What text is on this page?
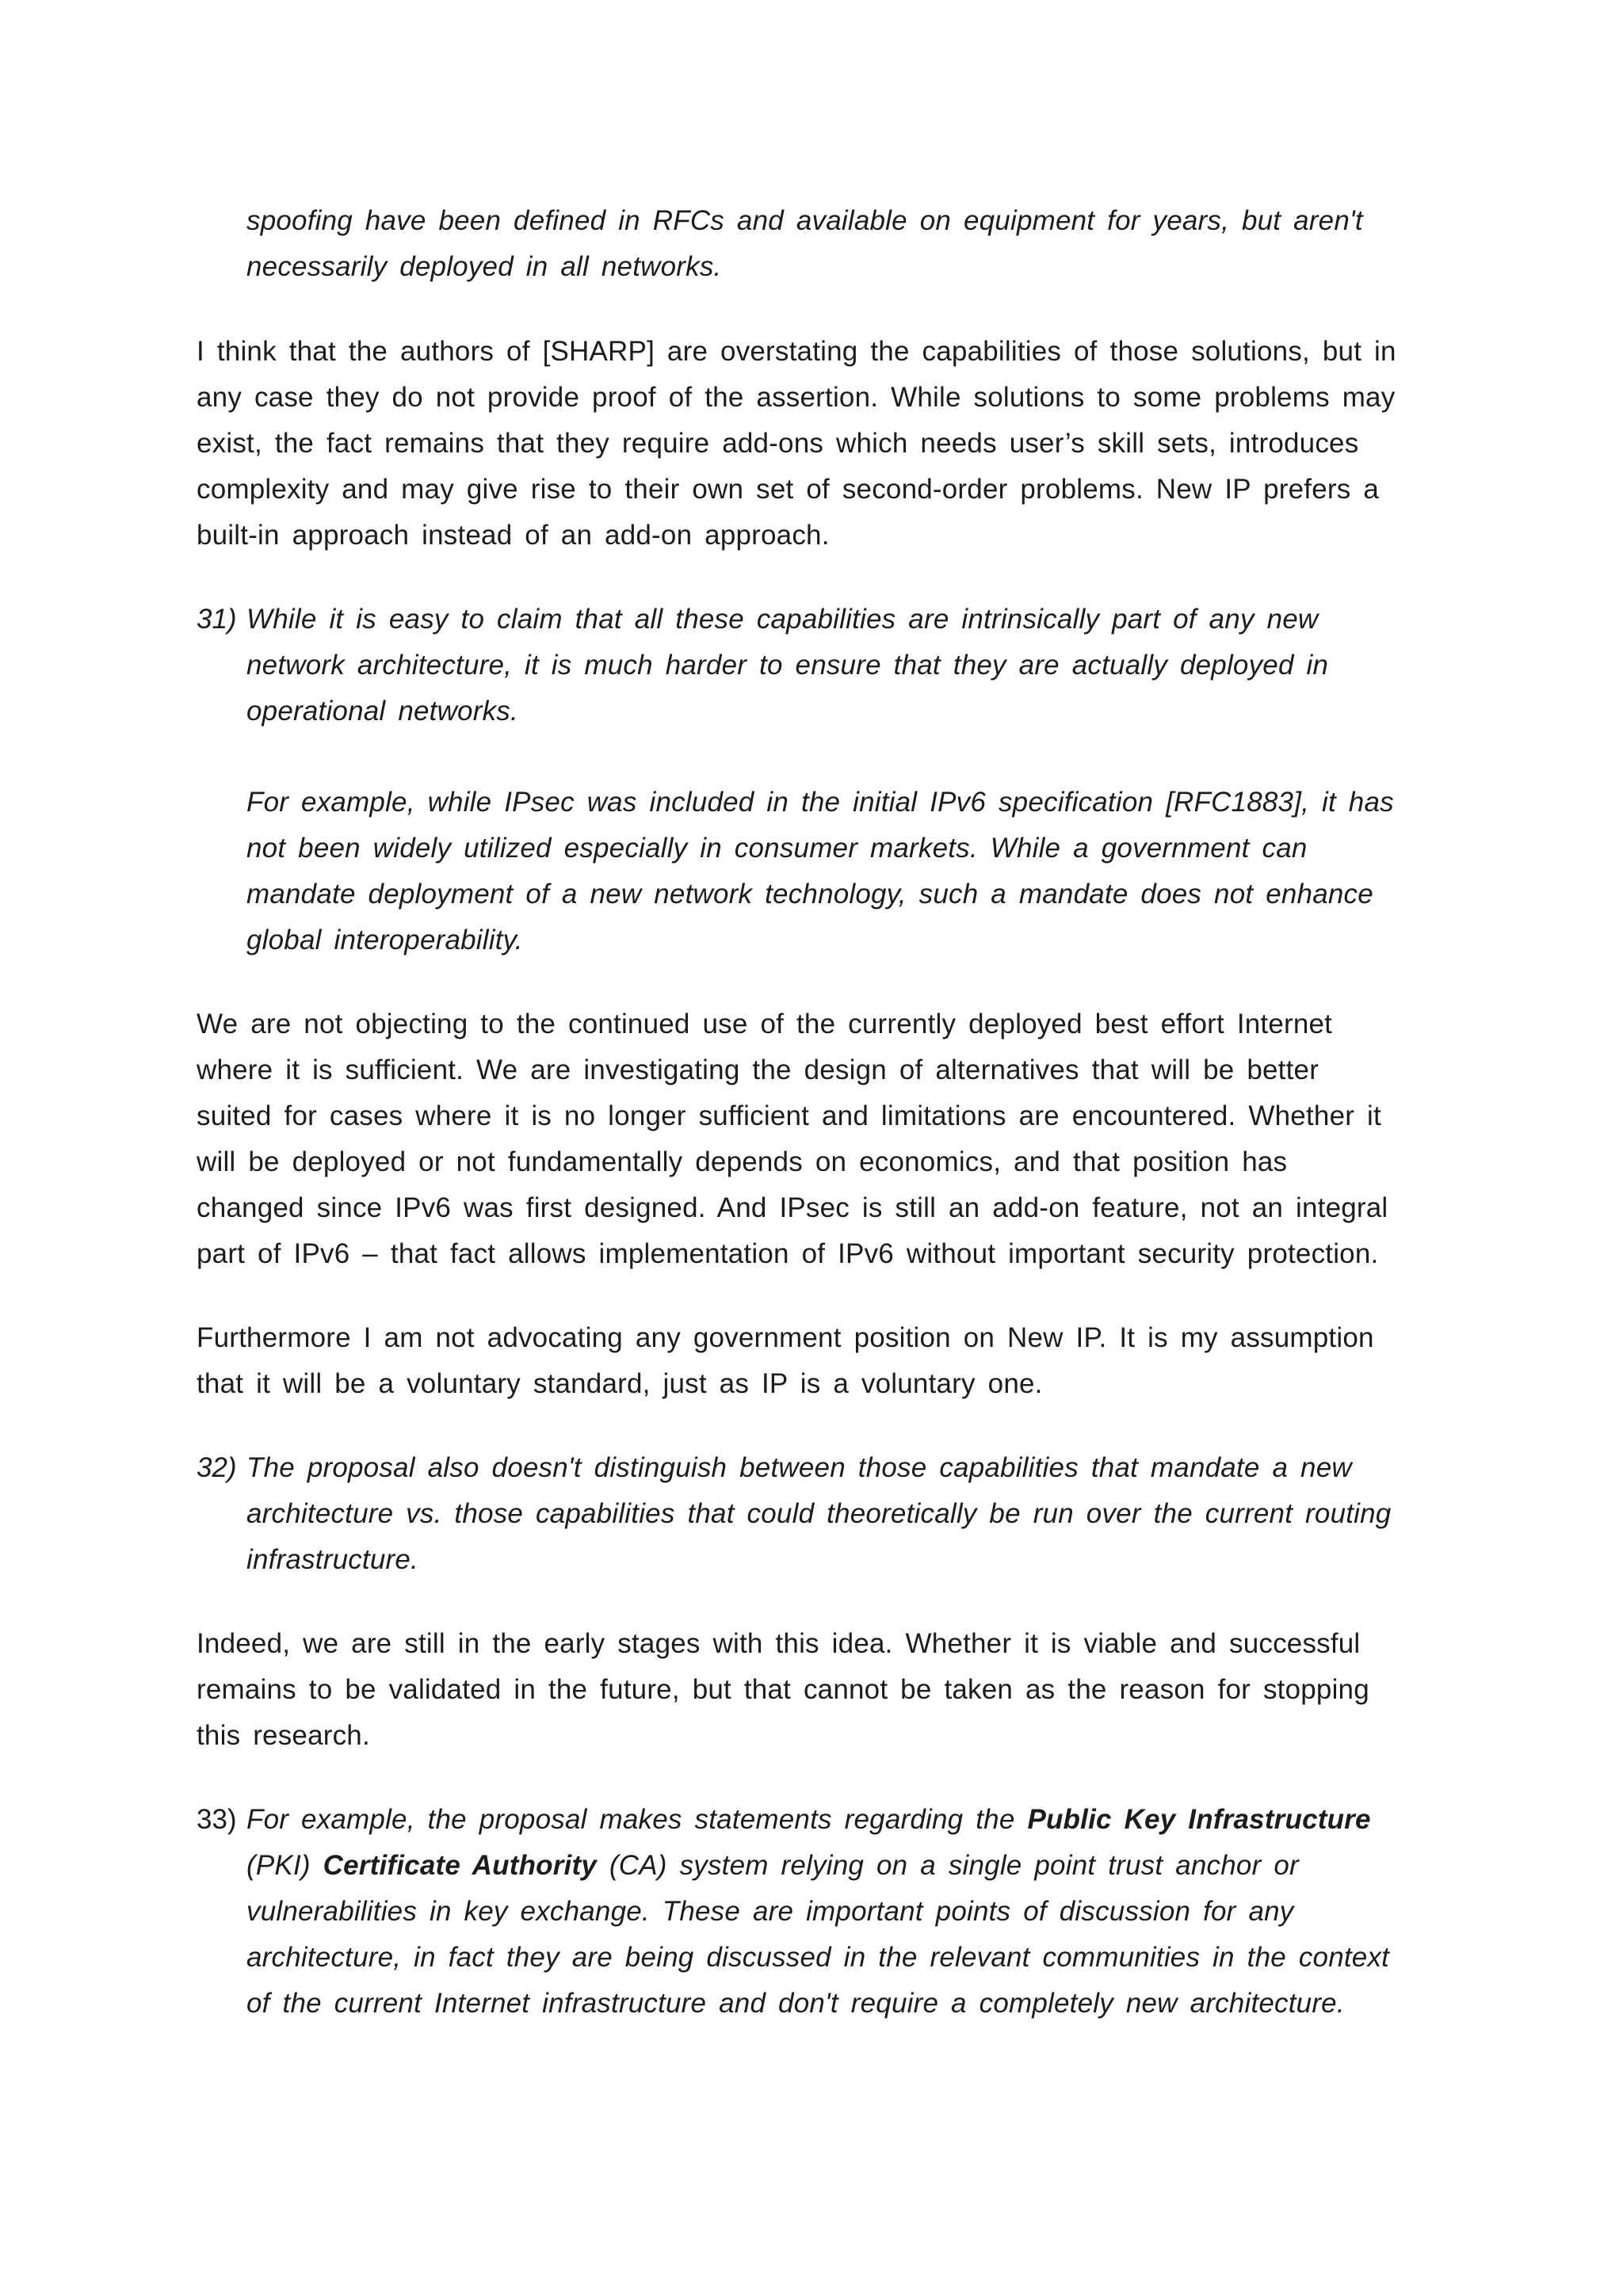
spoofing have been defined in RFCs and available on equipment for years, but aren't
necessarily deployed in all networks.
I think that the authors of [SHARP] are overstating the capabilities of those solutions, but in
any case they do not provide proof of the assertion. While solutions to some problems may
exist, the fact remains that they require add-ons which needs user’s skill sets, introduces
complexity and may give rise to their own set of second-order problems. New IP prefers a
built-in approach instead of an add-on approach.
31) While it is easy to claim that all these capabilities are intrinsically part of any new
network architecture, it is much harder to ensure that they are actually deployed in
operational networks.
For example, while IPsec was included in the initial IPv6 specification [RFC1883], it has
not been widely utilized especially in consumer markets. While a government can
mandate deployment of a new network technology, such a mandate does not enhance
global interoperability.
We are not objecting to the continued use of the currently deployed best effort Internet
where it is sufficient. We are investigating the design of alternatives that will be better
suited for cases where it is no longer sufficient and limitations are encountered. Whether it
will be deployed or not fundamentally depends on economics, and that position has
changed since IPv6 was first designed. And IPsec is still an add-on feature, not an integral
part of IPv6 – that fact allows implementation of IPv6 without important security protection.
Furthermore I am not advocating any government position on New IP. It is my assumption
that it will be a voluntary standard, just as IP is a voluntary one.
32) The proposal also doesn't distinguish between those capabilities that mandate a new
architecture vs. those capabilities that could theoretically be run over the current routing
infrastructure.
Indeed, we are still in the early stages with this idea. Whether it is viable and successful
remains to be validated in the future, but that cannot be taken as the reason for stopping
this research.
33) For example, the proposal makes statements regarding the Public Key Infrastructure
(PKI) Certificate Authority (CA) system relying on a single point trust anchor or
vulnerabilities in key exchange. These are important points of discussion for any
architecture, in fact they are being discussed in the relevant communities in the context
of the current Internet infrastructure and don't require a completely new architecture.
